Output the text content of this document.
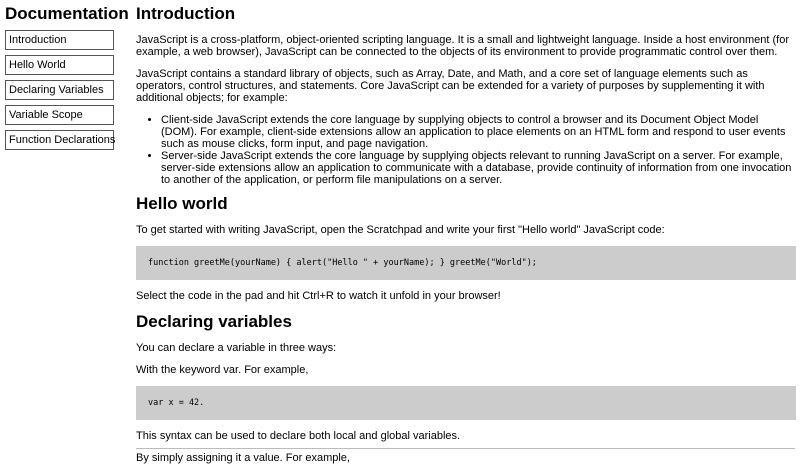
Documentation
Introduction
Hello World
Declaring Variables
Variable Scope
Function Declarations
Introduction

JavaScript is a cross-platform, object-oriented scripting language. It is a small and lightweight language. Inside a host environment (for example, a web browser), JavaScript can be connected to the objects of its environment to provide programmatic control over them.

JavaScript contains a standard library of objects, such as Array, Date, and Math, and a core set of language elements such as operators, control structures, and statements. Core JavaScript can be extended for a variety of purposes by supplementing it with additional objects; for example:

• Client-side JavaScript extends the core language by supplying objects to control a browser and its Document Object Model (DOM). For example, client-side extensions allow an application to place elements on an HTML form and respond to user events such as mouse clicks, form input, and page navigation.
• Server-side JavaScript extends the core language by supplying objects relevant to running JavaScript on a server. For example, server-side extensions allow an application to communicate with a database, provide continuity of information from one invocation to another of the application, or perform file manipulations on a server.
Hello world

To get started with writing JavaScript, open the Scratchpad and write your first "Hello world" JavaScript code:

function greetMe(yourName) { alert("Hello " + yourName); } greetMe("World");

Select the code in the pad and hit Ctrl+R to watch it unfold in your browser!

Declaring variables

You can declare a variable in three ways:

With the keyword var. For example,

var x = 42.

This syntax can be used to declare both local and global variables.

By simply assigning it a value. For example,
